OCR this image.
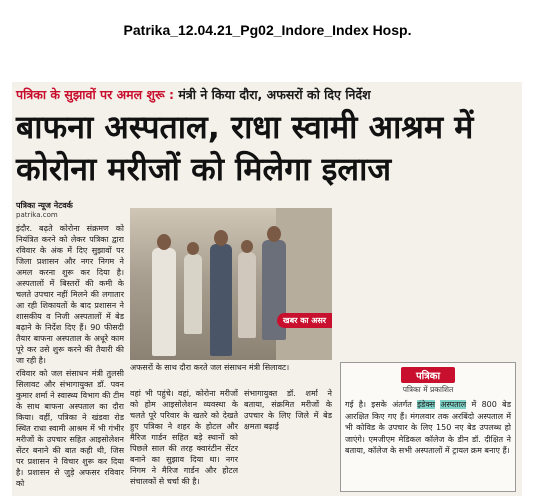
Patrika_12.04.21_Pg02_Indore_Index Hosp.
पत्रिका के सुझावों पर अमल शुरू : मंत्री ने किया दौरा, अफसरों को दिए निर्देश
बाफना अस्पताल, राधा स्वामी आश्रम में कोरोना मरीजों को मिलेगा इलाज
पत्रिका न्यूज नेटवर्क
patrika.com

इंदौर. बढ़ते कोरोना संक्रमण को नियंत्रित करने को लेकर पत्रिका द्वारा रविवार के अंक में दिए सुझावों पर जिला प्रशासन और नगर निगम ने अमल करना शुरू कर दिया है। अस्पतालों में बिस्तरों की कमी के चलते उपचार नहीं मिलने की लगातार आ रही शिकायतों के बाद प्रशासन ने शासकीय व निजी अस्पतालों में बेड बढ़ाने के निर्देश दिए हैं। 90 फीसदी तैयार बाफना अस्पताल के अधूरे काम पूरे कर उसे शुरू करने की तैयारी की जा रही है।

रविवार को जल संसाधन मंत्री तुलसी सिलावट और संभागायुक्त डॉ. पवन कुमार शर्मा ने स्वास्थ्य विभाग की टीम के साथ बाफना अस्पताल का दौरा किया। वहीं, पत्रिका ने खंडवा रोड स्थित राधा स्वामी आश्रम में भी गंभीर मरीजों के उपचार सहित आइसोलेशन सेंटर बनाने की बात कही थी, जिस पर प्रशासन ने विचार शुरू कर दिया है। प्रशासन से जुड़े अफसर रविवार को

खबर का असर
अफसरों के साथ दौरा करते जल संसाधन मंत्री सिलावट।

वहां भी पहुंचे। वहां, कोरोना मरीजों को होम आइसोलेशन व्यवस्था के चलते पूरे परिवार के खतरे को देखते हुए पत्रिका ने शहर के होटल और मैरिज गार्डन सहित बड़े स्थानों को पिछले साल की तरह क्वारंटीन सेंटर बनाने का सुझाव दिया था। नगर निगम ने मैरिज गार्डन और होटल संचालकों से चर्चा की है।

संभागायुक्त डॉ. शर्मा ने बताया, संक्रमित मरीजों के उपचार के लिए जिले में बेड क्षमता बढ़ाई

पत्रिका
पत्रिका में प्रकाशित
गई है। इसके अंतर्गत इंडेक्स अस्पताल में 800 बेड आरक्षित किए गए हैं। मंगलवार तक अरबिंदो अस्पताल में भी कोविड के उपचार के लिए 150 नए बेड उपलब्ध हो जाएंगे। एमजीएम मेडिकल कॉलेज के डीन डॉ. दीक्षित ने बताया, कॉलेज के सभी अस्पतालों में ट्रायल क्रम बनाए हैं।
